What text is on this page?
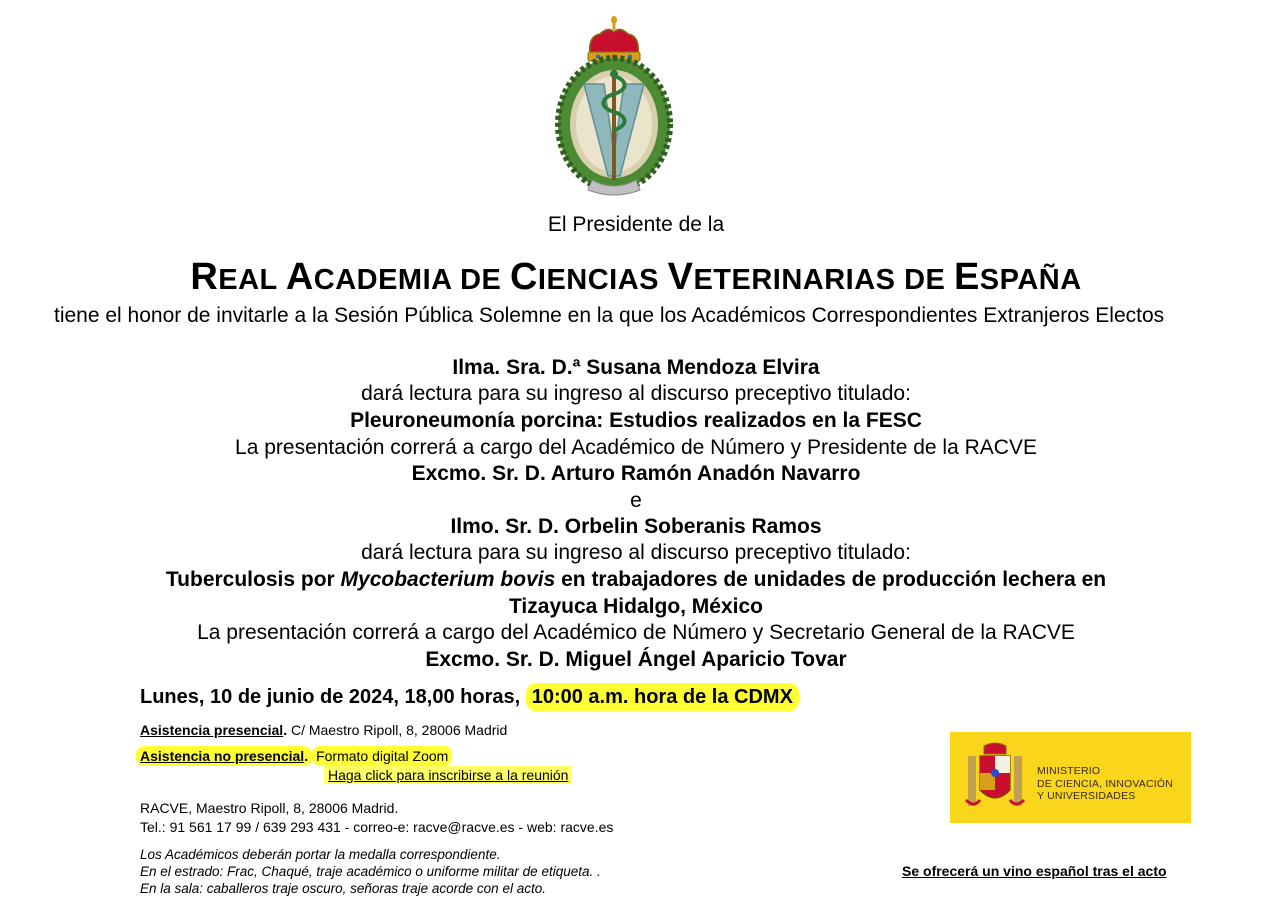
El Presidente de la
REAL ACADEMIA DE CIENCIAS VETERINARIAS DE ESPAÑA
tiene el honor de invitarle a la Sesión Pública Solemne en la que los Académicos Correspondientes Extranjeros Electos
Ilma. Sra. D.ª Susana Mendoza Elvira
dará lectura para su ingreso al discurso preceptivo titulado:
Pleuroneumonía porcina: Estudios realizados en la FESC
La presentación correrá a cargo del Académico de Número y Presidente de la RACVE
Excmo. Sr. D. Arturo Ramón Anadón Navarro
e
Ilmo. Sr. D. Orbelin Soberanis Ramos
dará lectura para su ingreso al discurso preceptivo titulado:
Tuberculosis por Mycobacterium bovis en trabajadores de unidades de producción lechera en
Tizayuca Hidalgo, México
La presentación correrá a cargo del Académico de Número y Secretario General de la RACVE
Excmo. Sr. D. Miguel Ángel Aparicio Tovar
Lunes, 10 de junio de 2024, 18,00 horas, 10:00 a.m. hora de la CDMX
Asistencia presencial. C/ Maestro Ripoll, 8, 28006 Madrid
Asistencia no presencial. Formato digital Zoom
Haga click para inscribirse a la reunión
RACVE, Maestro Ripoll, 8, 28006 Madrid.
Tel.: 91 561 17 99 / 639 293 431 - correo-e: racve@racve.es - web: racve.es
Los Académicos deberán portar la medalla correspondiente.
En el estrado: Frac, Chaqué, traje académico o uniforme militar de etiqueta. .
En la sala: caballeros traje oscuro, señoras traje acorde con el acto.
MINISTERIO
DE CIENCIA, INNOVACIÓN
Y UNIVERSIDADES
Se ofrecerá un vino español tras el acto
